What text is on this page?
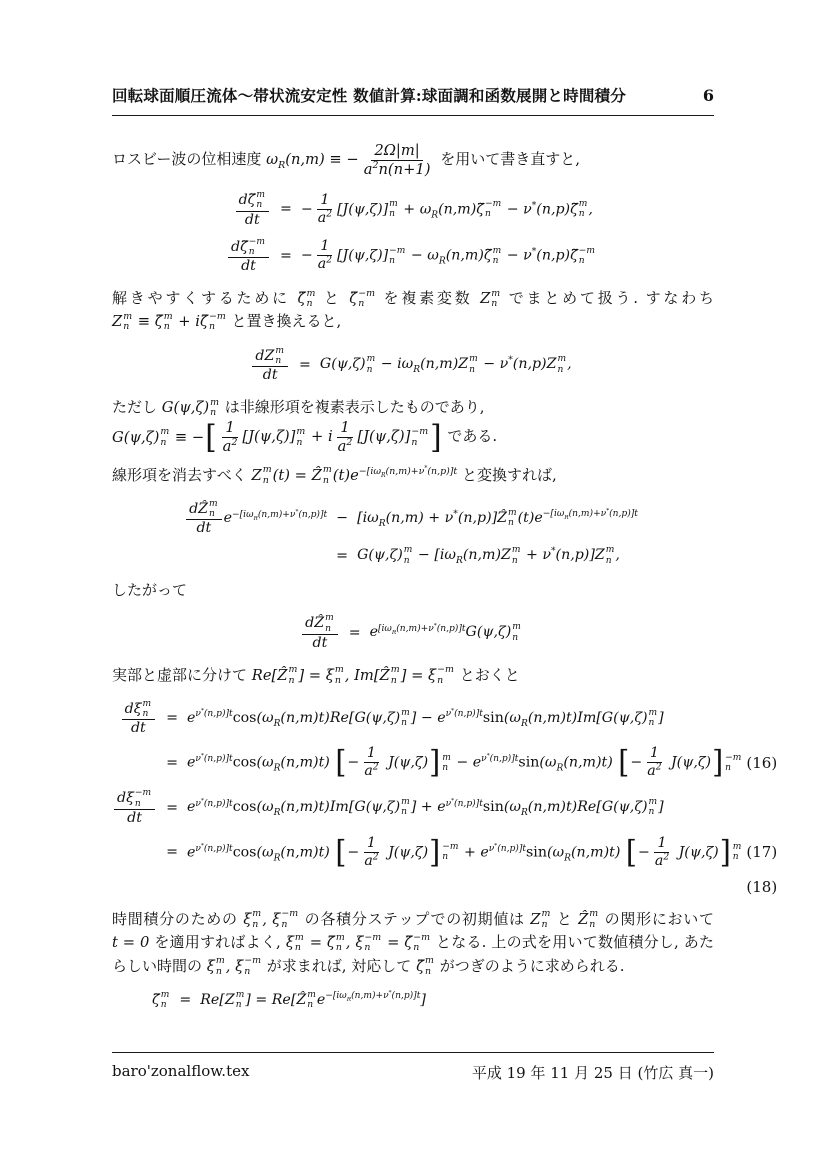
回転球面順圧流体〜帯状流安定性 数値計算:球面調和函数展開と時間積分	6

ロスビー波の位相速度 $\omega_R(n,m)$ ≡ − $\frac{2\Omega|m|}{a^2n(n+1)}$ を用いて書き直すと,

dζ̃ m
n
dt	=	− $\frac{1}{a^2} [J(\psi,\zeta)]$ m
$n + \omega_R(n,m)\zetã -m$
n − ν*(n,p)ζ̃ m
n ,	

dζ̃ −m
n
dt	=	− $\frac{1}{a^2} [J(\psi,\zeta)] -m$
$n - \omega_R(n,m)\zetã$ m
n − ν*(n,p)ζ̃ −m
n

解きやすくするために ζ̃ m
n と ζ̃ −m
n を複素変数 Z m
n でまとめて扱う. すなわち Z m
n ≡ ζ̃ m
n + iζ̃ −m
n と置き換えると,

dZ m
n
dt	=	G(ψ,ζ) m
$n - i\omega_R(n,m)Z$ m
n − ν*(n,p)Z m
n ,	

ただし G(ψ,ζ) m
n は非線形項を複素表示したものであり,
G(ψ,ζ) m
n ≡ − [ $\frac{1}{a^2} [J(\psi,\zeta)]$ m
n + i $\frac{1}{a^2} [J(\psi,\zeta)] -m$
n ] である.

線形項を消去すべく Z m
n (t) = Ẑ m
n $(t)e^{-[i\omega_R(n,m)+\nu^*(n,p)]t}$ と変換すれば,

dẐ m
n
dt $e^{-[i\omega_R(n,m)+\nu^*(n,p)]t}$	−	[$i\omega_R(n,m)$ + ν*(n,p)]Ẑ m
n $(t)e^{-[i\omega_R(n,m)+\nu^*(n,p)]t}$	
	=	G(ψ,ζ) m
$n - [i\omega_R(n,m)Z$ m
n + ν*(n,p)]Z m
n ,	

したがって

dẐ m
n
dt	=	$e^{[i\omega_R(n,m)+\nu^*(n,p)]t}G(\psi,\zeta)$ m
n

実部と虚部に分けて Re[Ẑ m
n ] = ξ m
n , Im[Ẑ m
n ] = ξ −m
n とおくと

dξ m
n
dt	=	$e^{\nu^*(n,p)]t}\cos(\omega_R(n,m)t)Re[G(\psi,\zeta)$ m
n ] − $e^{\nu^*(n,p)]t}\sin(\omega_R(n,m)t)Im[G(\psi,\zeta)$ m
n ]	
	=	$e^{\nu^*(n,p)]t}\cos(\omega_R(n,m)t)$ [ − $\frac{1}{a^2} J(\psi,\zeta)$ ] m
$n - e^{\nu^*(n,p)]t}\sin(\omega_R(n,m)t)$ [ − $\frac{1}{a^2} J(\psi,\zeta)$ ] −m
n	(16)

dξ −m
n
dt	=	$e^{\nu^*(n,p)]t}\cos(\omega_R(n,m)t)Im[G(\psi,\zeta)$ m
n ] + $e^{\nu^*(n,p)]t}\sin(\omega_R(n,m)t)Re[G(\psi,\zeta)$ m
n ]	
	=	$e^{\nu^*(n,p)]t}\cos(\omega_R(n,m)t)$ [ − $\frac{1}{a^2} J(\psi,\zeta)$ ] −m
$n + e^{\nu^*(n,p)]t}\sin(\omega_R(n,m)t)$ [ − $\frac{1}{a^2} J(\psi,\zeta)$ ] m
n	(17)
			(18)

時間積分のための ξ m
n , ξ −m
n の各積分ステップでの初期値は Z m
n と Ẑ m
n の関形において t = 0 を適用すればよく, ξ m
n = ζ̃ m
n , ξ −m
n = ζ̃ −m
n となる. 上の式を用いて数値積分し, あたらしい時間の ξ m
n , ξ −m
n が求まれば, 対応して ζ̃ m
n がつぎのように求められる.

ζ̃ m
n	=	Re[Z m
n ] = Re[Ẑ m
n $e^{-[i\omega_R(n,m)+\nu^*(n,p)]t}$]	
baro'zonalflow.tex	平成 19 年 11 月 25 日 (竹広 真一)
